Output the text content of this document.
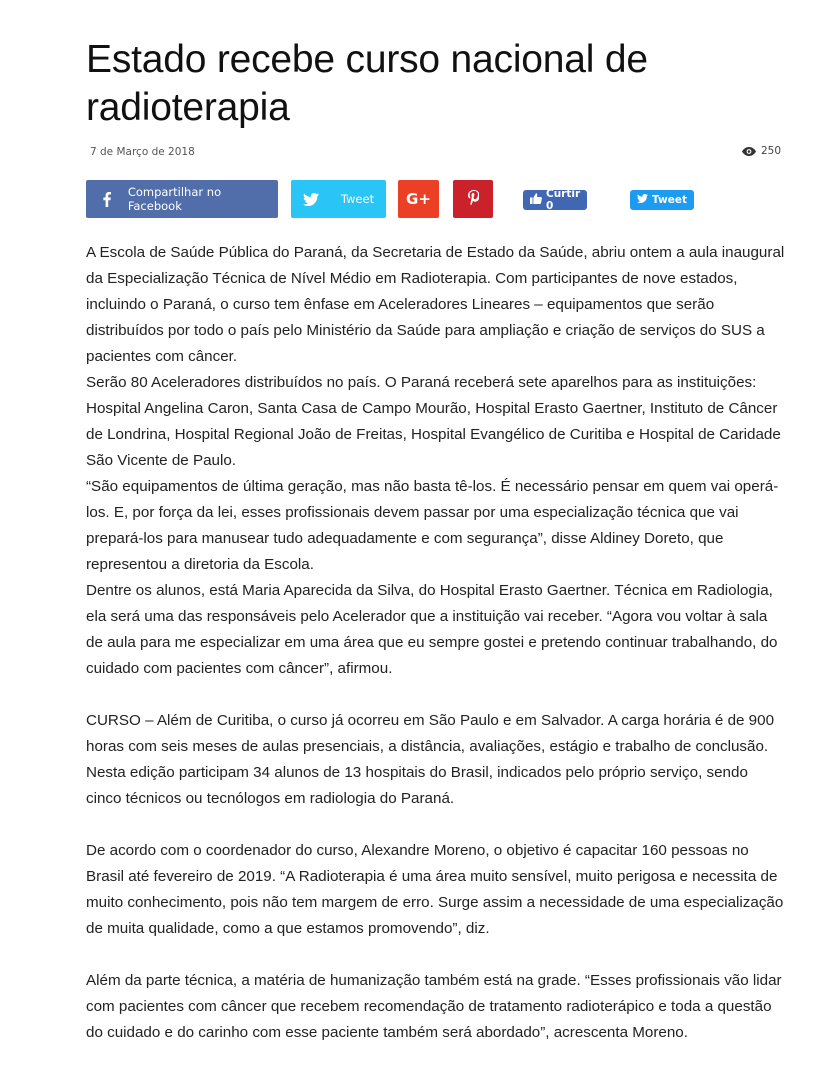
Estado recebe curso nacional de radioterapia
7 de Março de 2018	250
Compartilhar no Facebook	Tweet G+	Curtir 0	Tweet

A Escola de Saúde Pública do Paraná, da Secretaria de Estado da Saúde, abriu ontem a aula inaugural da Especialização Técnica de Nível Médio em Radioterapia. Com participantes de nove estados, incluindo o Paraná, o curso tem ênfase em Aceleradores Lineares – equipamentos que serão distribuídos por todo o país pelo Ministério da Saúde para ampliação e criação de serviços do SUS a pacientes com câncer.

Serão 80 Aceleradores distribuídos no país. O Paraná receberá sete aparelhos para as instituições: Hospital Angelina Caron, Santa Casa de Campo Mourão, Hospital Erasto Gaertner, Instituto de Câncer de Londrina, Hospital Regional João de Freitas, Hospital Evangélico de Curitiba e Hospital de Caridade São Vicente de Paulo.

“São equipamentos de última geração, mas não basta tê-los. É necessário pensar em quem vai operá-los. E, por força da lei, esses profissionais devem passar por uma especialização técnica que vai prepará-los para manusear tudo adequadamente e com segurança”, disse Aldiney Doreto, que representou a diretoria da Escola.

Dentre os alunos, está Maria Aparecida da Silva, do Hospital Erasto Gaertner. Técnica em Radiologia, ela será uma das responsáveis pelo Acelerador que a instituição vai receber. “Agora vou voltar à sala de aula para me especializar em uma área que eu sempre gostei e pretendo continuar trabalhando, do cuidado com pacientes com câncer”, afirmou.

CURSO – Além de Curitiba, o curso já ocorreu em São Paulo e em Salvador. A carga horária é de 900 horas com seis meses de aulas presenciais, a distância, avaliações, estágio e trabalho de conclusão. Nesta edição participam 34 alunos de 13 hospitais do Brasil, indicados pelo próprio serviço, sendo cinco técnicos ou tecnólogos em radiologia do Paraná.

De acordo com o coordenador do curso, Alexandre Moreno, o objetivo é capacitar 160 pessoas no Brasil até fevereiro de 2019. “A Radioterapia é uma área muito sensível, muito perigosa e necessita de muito conhecimento, pois não tem margem de erro. Surge assim a necessidade de uma especialização de muita qualidade, como a que estamos promovendo”, diz.

Além da parte técnica, a matéria de humanização também está na grade. “Esses profissionais vão lidar com pacientes com câncer que recebem recomendação de tratamento radioterápico e toda a questão do cuidado e do carinho com esse paciente também será abordado”, acrescenta Moreno.
